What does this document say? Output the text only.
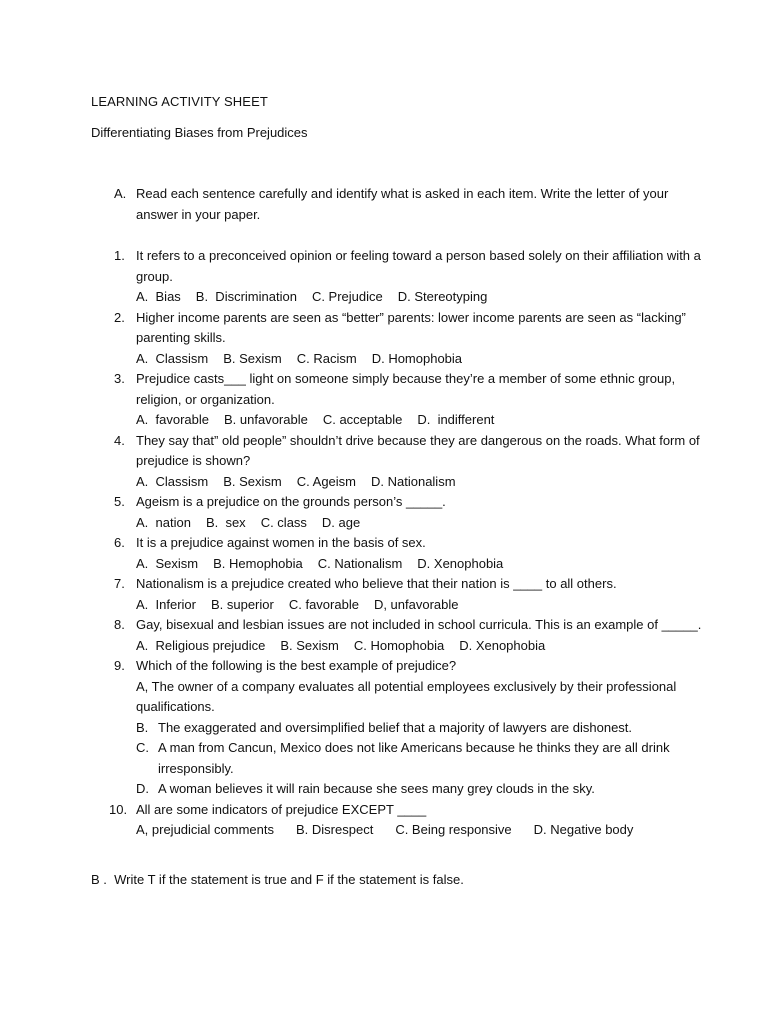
LEARNING ACTIVITY SHEET
Differentiating Biases from Prejudices
A. Read each sentence carefully and identify what is asked in each item. Write the letter of your answer in your paper.
1. It refers to a preconceived opinion or feeling toward a person based solely on their affiliation with a group.
A.  Bias B.  Discrimination C. Prejudice D. Stereotyping
2. Higher income parents are seen as “better” parents: lower income parents are seen as “lacking” parenting skills.
A.  Classism B. Sexism C. Racism D. Homophobia
3. Prejudice casts___ light on someone simply because they’re a member of some ethnic group, religion, or organization.
A.  favorable B. unfavorable C. acceptable D.  indifferent
4. They say that” old people” shouldn’t drive because they are dangerous on the roads. What form of prejudice is shown?
A.  Classism B. Sexism C. Ageism D. Nationalism
5. Ageism is a prejudice on the grounds person’s _____.
A.  nation B.  sex C. class D. age
6. It is a prejudice against women in the basis of sex.
A.  Sexism B. Hemophobia C. Nationalism D. Xenophobia
7. Nationalism is a prejudice created who believe that their nation is ____ to all others.
A.  Inferior B. superior C. favorable D, unfavorable
8. Gay, bisexual and lesbian issues are not included in school curricula. This is an example of _____.
A.  Religious prejudice B. Sexism C. Homophobia D. Xenophobia
9. Which of the following is the best example of prejudice?
A, The owner of a company evaluates all potential employees exclusively by their professional qualifications.
B. The exaggerated and oversimplified belief that a majority of lawyers are dishonest.
C. A man from Cancun, Mexico does not like Americans because he thinks they are all drink irresponsibly.
D. A woman believes it will rain because she sees many grey clouds in the sky.
10. All are some indicators of prejudice EXCEPT ____
A, prejudicial comments B. Disrespect C. Being responsive D. Negative body

B . Write T if the statement is true and F if the statement is false.
